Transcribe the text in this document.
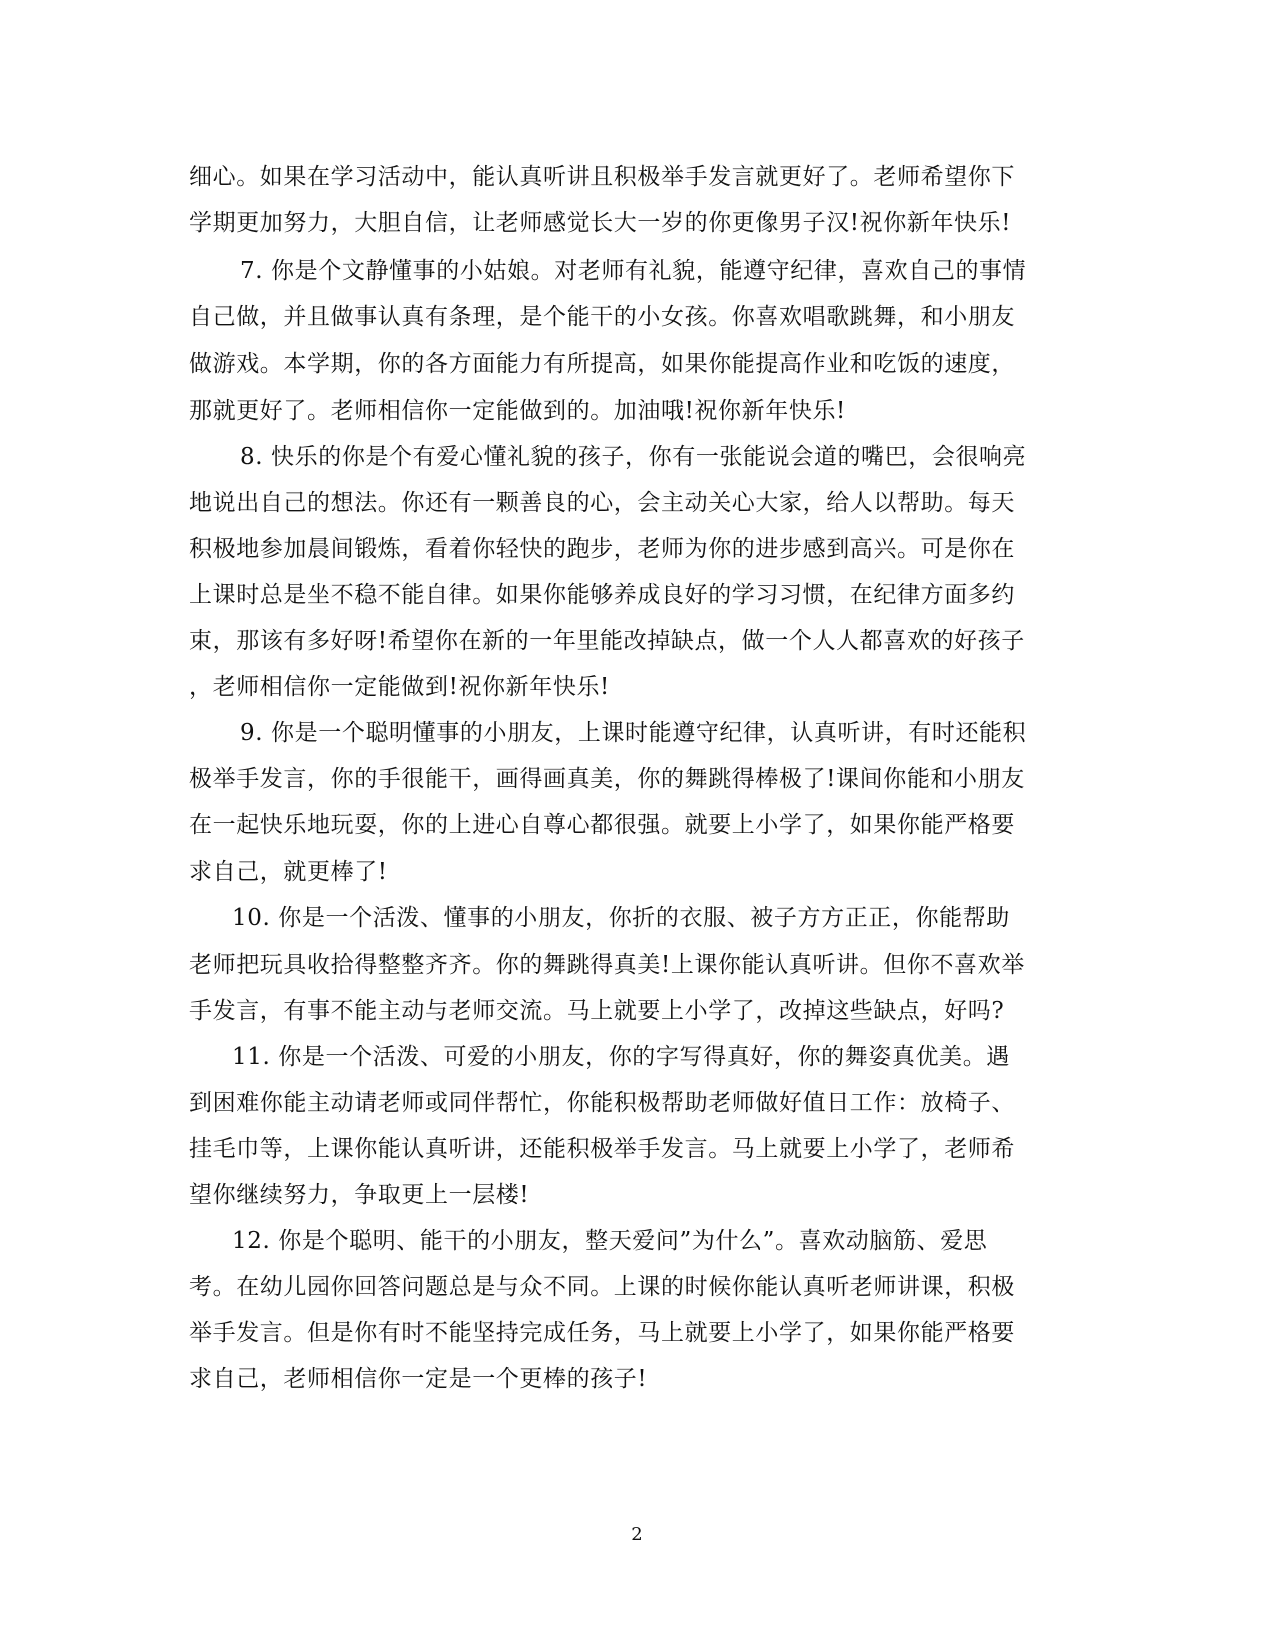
细心。如果在学习活动中，能认真听讲且积极举手发言就更好了。老师希望你下
学期更加努力，大胆自信，让老师感觉长大一岁的你更像男子汉!祝你新年快乐!
7. 你是个文静懂事的小姑娘。对老师有礼貌，能遵守纪律，喜欢自己的事情
自己做，并且做事认真有条理，是个能干的小女孩。你喜欢唱歌跳舞，和小朋友
做游戏。本学期，你的各方面能力有所提高，如果你能提高作业和吃饭的速度，
那就更好了。老师相信你一定能做到的。加油哦!祝你新年快乐!
8. 快乐的你是个有爱心懂礼貌的孩子，你有一张能说会道的嘴巴，会很响亮
地说出自己的想法。你还有一颗善良的心，会主动关心大家，给人以帮助。每天
积极地参加晨间锻炼，看着你轻快的跑步，老师为你的进步感到高兴。可是你在
上课时总是坐不稳不能自律。如果你能够养成良好的学习习惯，在纪律方面多约
束，那该有多好呀!希望你在新的一年里能改掉缺点，做一个人人都喜欢的好孩子
，老师相信你一定能做到!祝你新年快乐!
9. 你是一个聪明懂事的小朋友，上课时能遵守纪律，认真听讲，有时还能积
极举手发言，你的手很能干，画得画真美，你的舞跳得棒极了!课间你能和小朋友
在一起快乐地玩耍，你的上进心自尊心都很强。就要上小学了，如果你能严格要
求自己，就更棒了!
10. 你是一个活泼、懂事的小朋友，你折的衣服、被子方方正正，你能帮助
老师把玩具收拾得整整齐齐。你的舞跳得真美!上课你能认真听讲。但你不喜欢举
手发言，有事不能主动与老师交流。马上就要上小学了，改掉这些缺点，好吗?
11. 你是一个活泼、可爱的小朋友，你的字写得真好，你的舞姿真优美。遇
到困难你能主动请老师或同伴帮忙，你能积极帮助老师做好值日工作：放椅子、
挂毛巾等，上课你能认真听讲，还能积极举手发言。马上就要上小学了，老师希
望你继续努力，争取更上一层楼!
12. 你是个聪明、能干的小朋友，整天爱问”为什么”。喜欢动脑筋、爱思
考。在幼儿园你回答问题总是与众不同。上课的时候你能认真听老师讲课，积极
举手发言。但是你有时不能坚持完成任务，马上就要上小学了，如果你能严格要
求自己，老师相信你一定是一个更棒的孩子!
2
